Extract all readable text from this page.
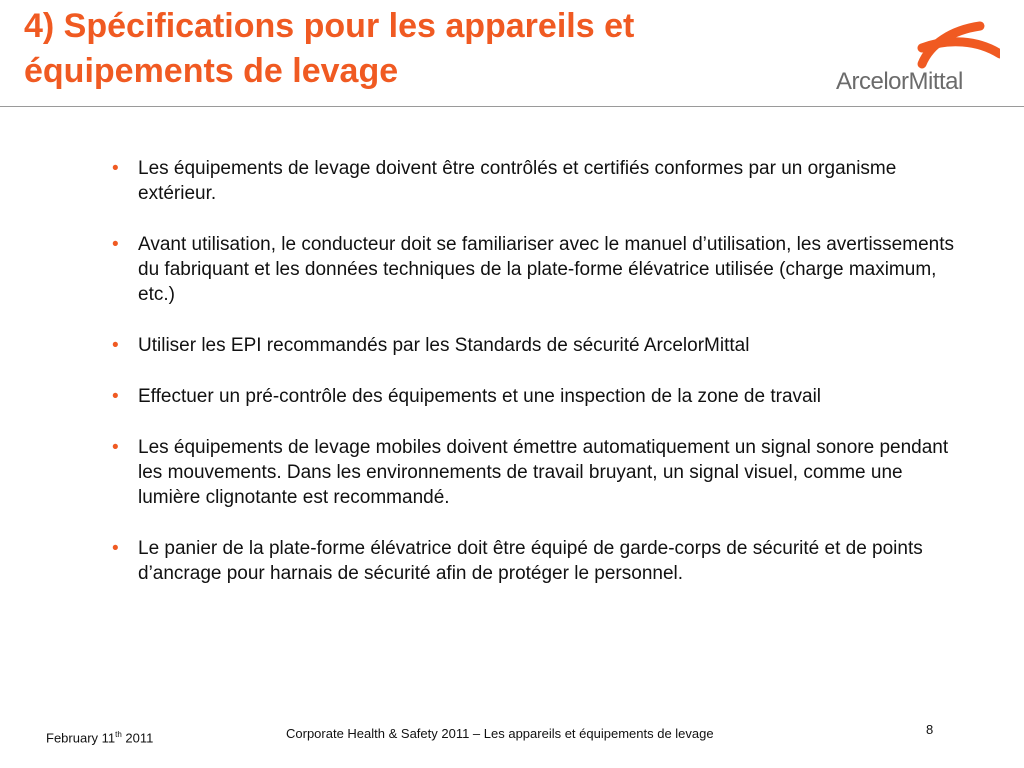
4) Spécifications pour les appareils et
équipements de levage	ArcelorMittal
• Les équipements de levage doivent être contrôlés et certifiés conformes par un organisme extérieur.
• Avant utilisation, le conducteur doit se familiariser avec le manuel d’utilisation, les avertissements du fabriquant et les données techniques de la plate-forme élévatrice utilisée (charge maximum, etc.)
• Utiliser les EPI recommandés par les Standards de sécurité ArcelorMittal
• Effectuer un pré-contrôle des équipements et une inspection de la zone de travail
• Les équipements de levage mobiles doivent émettre automatiquement un signal sonore pendant les mouvements. Dans les environnements de travail bruyant, un signal visuel, comme une lumière clignotante est recommandé.
• Le panier de la plate-forme élévatrice doit être équipé de garde-corps de sécurité et de points d’ancrage pour harnais de sécurité afin de protéger le personnel.
February 11th 2011	Corporate Health & Safety 2011 – Les appareils et équipements de levage	8
